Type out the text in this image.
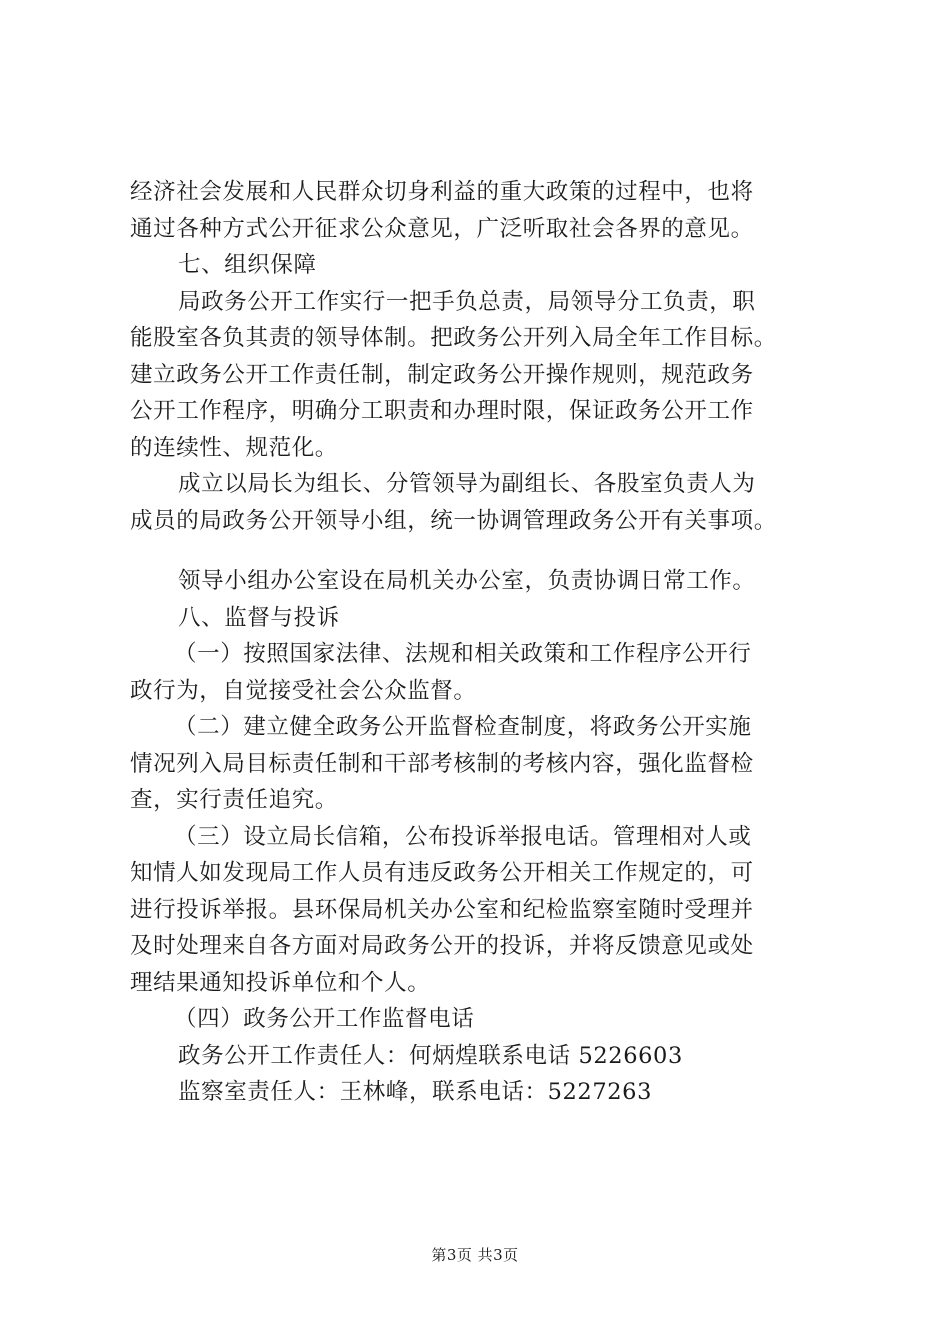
经济社会发展和人民群众切身利益的重大政策的过程中，也将
通过各种方式公开征求公众意见，广泛听取社会各界的意见。
七、组织保障
局政务公开工作实行一把手负总责，局领导分工负责，职
能股室各负其责的领导体制。把政务公开列入局全年工作目标。
建立政务公开工作责任制，制定政务公开操作规则，规范政务
公开工作程序，明确分工职责和办理时限，保证政务公开工作
的连续性、规范化。
成立以局长为组长、分管领导为副组长、各股室负责人为
成员的局政务公开领导小组，统一协调管理政务公开有关事项。
领导小组办公室设在局机关办公室，负责协调日常工作。
八、监督与投诉
（一）按照国家法律、法规和相关政策和工作程序公开行
政行为，自觉接受社会公众监督。
（二）建立健全政务公开监督检查制度，将政务公开实施
情况列入局目标责任制和干部考核制的考核内容，强化监督检
查，实行责任追究。
（三）设立局长信箱，公布投诉举报电话。管理相对人或
知情人如发现局工作人员有违反政务公开相关工作规定的，可
进行投诉举报。县环保局机关办公室和纪检监察室随时受理并
及时处理来自各方面对局政务公开的投诉，并将反馈意见或处
理结果通知投诉单位和个人。
（四）政务公开工作监督电话
政务公开工作责任人：何炳煌联系电话 5226603
监察室责任人：王林峰，联系电话：5227263
第3页 共3页
